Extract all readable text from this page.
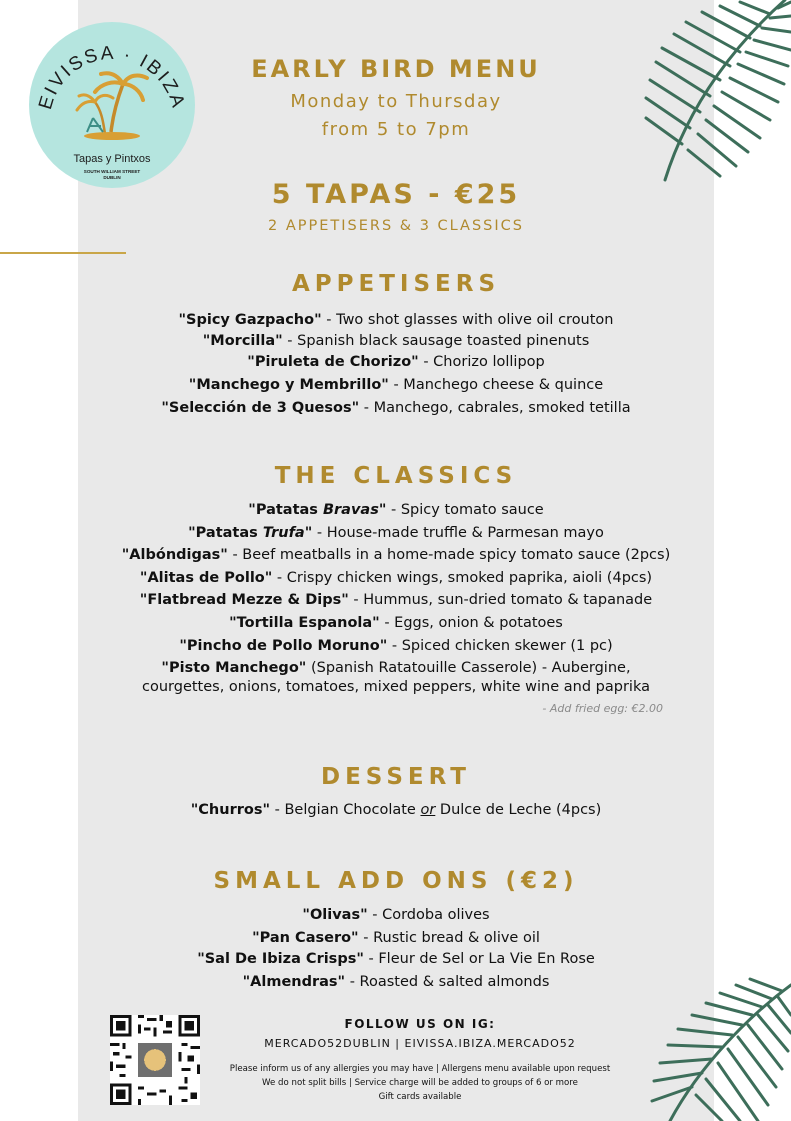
EIVISSA · IBIZA
Tapas y Pintxos
SOUTH WILLIAM STREET
DUBLIN
EARLY BIRD MENU
Monday to Thursday
from 5 to 7pm
5 TAPAS - €25
2 APPETISERS & 3 CLASSICS
APPETISERS
"Spicy Gazpacho" - Two shot glasses with olive oil crouton
"Morcilla" - Spanish black sausage toasted pinenuts
"Piruleta de Chorizo" - Chorizo lollipop
"Manchego y Membrillo" - Manchego cheese & quince
"Selección de 3 Quesos" - Manchego, cabrales, smoked tetilla
THE CLASSICS
"Patatas Bravas" - Spicy tomato sauce
"Patatas Trufa" - House-made truffle & Parmesan mayo
"Albóndigas" - Beef meatballs in a home-made spicy tomato sauce (2pcs)
"Alitas de Pollo" - Crispy chicken wings, smoked paprika, aioli (4pcs)
"Flatbread Mezze & Dips" - Hummus, sun-dried tomato & tapanade
"Tortilla Espanola" - Eggs, onion & potatoes
"Pincho de Pollo Moruno" - Spiced chicken skewer (1 pc)
"Pisto Manchego" (Spanish Ratatouille Casserole) - Aubergine,
courgettes, onions, tomatoes, mixed peppers, white wine and paprika
- Add fried egg: €2.00
DESSERT
"Churros" - Belgian Chocolate or Dulce de Leche (4pcs)
SMALL ADD ONS (€2)
"Olivas" - Cordoba olives
"Pan Casero" - Rustic bread & olive oil
"Sal De Ibiza Crisps" - Fleur de Sel or La Vie En Rose
"Almendras" - Roasted & salted almonds
FOLLOW US ON IG:
MERCADO52DUBLIN | EIVISSA.IBIZA.MERCADO52
Please inform us of any allergies you may have | Allergens menu available upon request
We do not split bills | Service charge will be added to groups of 6 or more
Gift cards available
